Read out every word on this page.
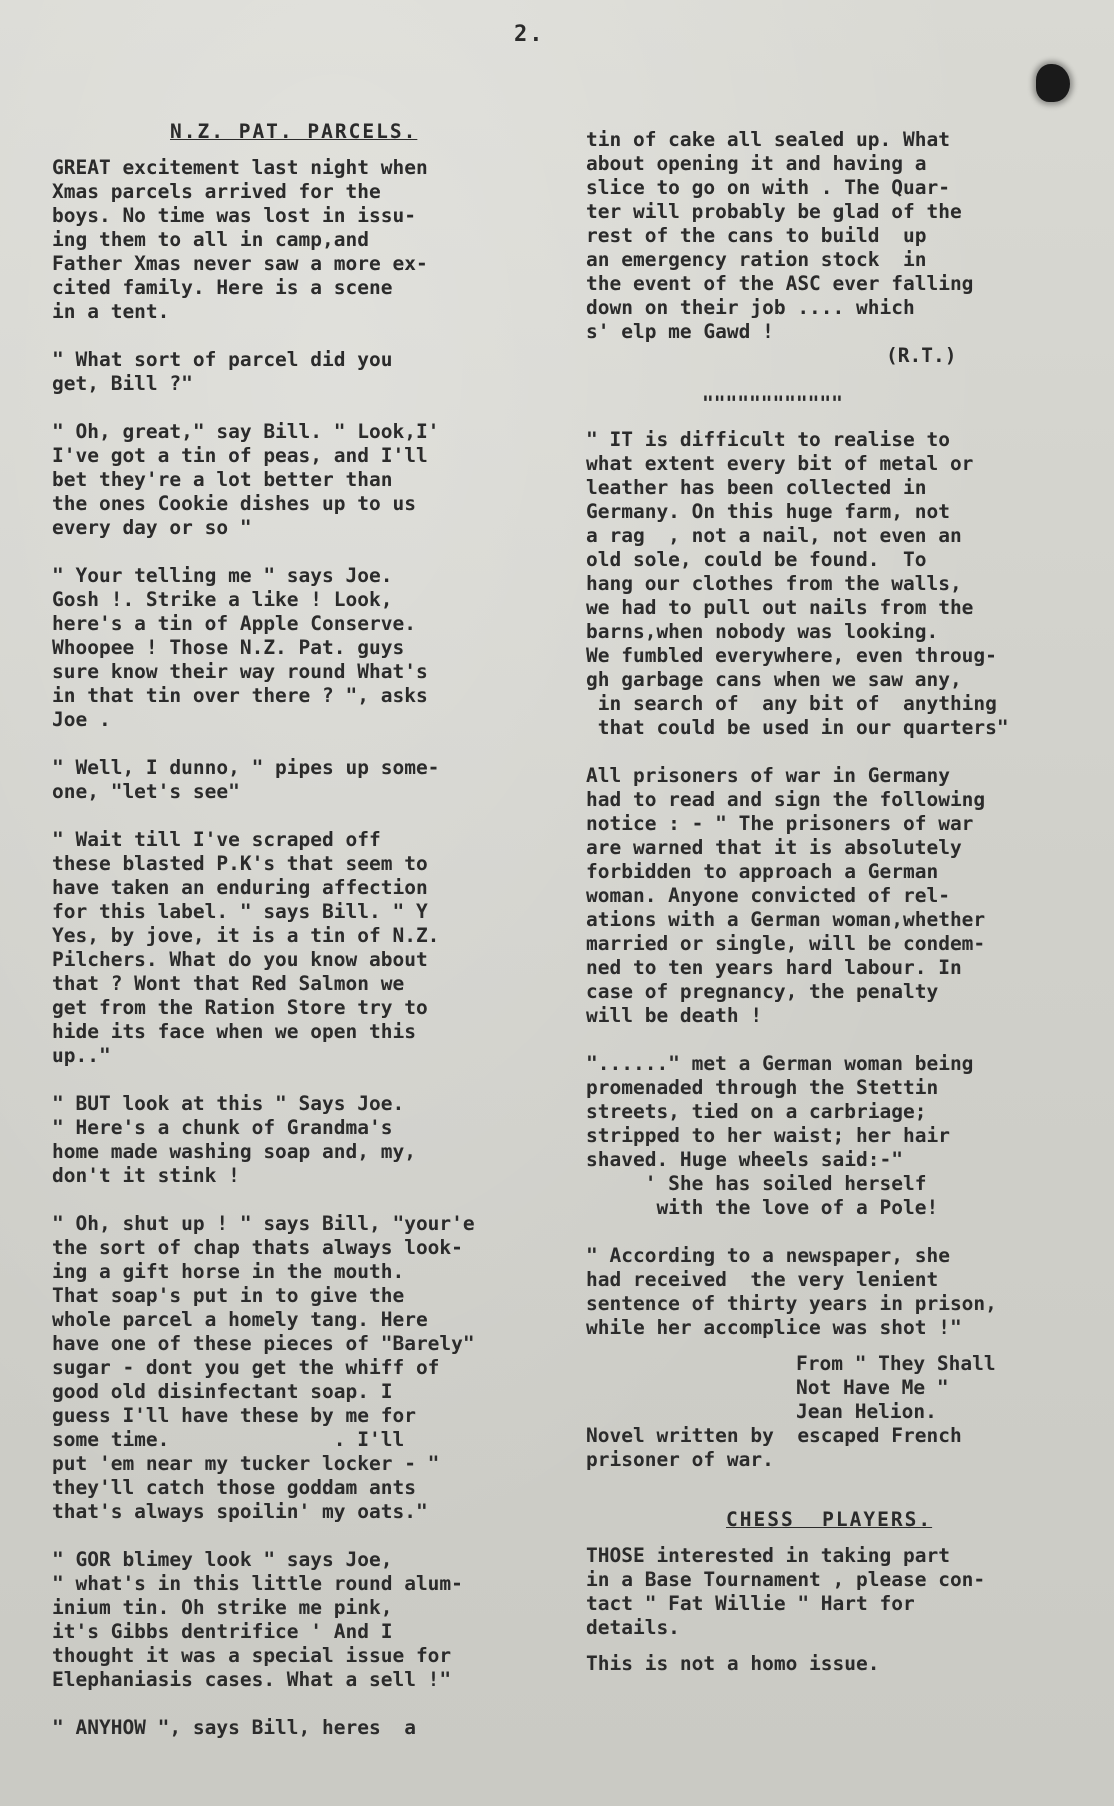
2.
N.Z. PAT. PARCELS.
GREAT excitement last night when
Xmas parcels arrived for the
boys. No time was lost in issu-
ing them to all in camp,and
Father Xmas never saw a more ex-
cited family. Here is a scene
in a tent.
" What sort of parcel did you
get, Bill ?"
" Oh, great," say Bill. " Look,I'
I've got a tin of peas, and I'll
bet they're a lot better than
the ones Cookie dishes up to us
every day or so "
" Your telling me " says Joe.
Gosh !. Strike a like ! Look,
here's a tin of Apple Conserve.
Whoopee ! Those N.Z. Pat. guys
sure know their way round What's
in that tin over there ? ", asks
Joe .
" Well, I dunno, " pipes up some-
one, "let's see"
" Wait till I've scraped off
these blasted P.K's that seem to
have taken an enduring affection
for this label. " says Bill. " Y
Yes, by jove, it is a tin of N.Z.
Pilchers. What do you know about
that ? Wont that Red Salmon we
get from the Ration Store try to
hide its face when we open this
up.."
" BUT look at this " Says Joe.
" Here's a chunk of Grandma's
home made washing soap and, my,
don't it stink !
" Oh, shut up ! " says Bill, "your'e
the sort of chap thats always look-
ing a gift horse in the mouth.
That soap's put in to give the
whole parcel a homely tang. Here
have one of these pieces of "Barely"
sugar - dont you get the whiff of
good old disinfectant soap. I
guess I'll have these by me for
some time.              . I'll
put 'em near my tucker locker - "
they'll catch those goddam ants
that's always spoilin' my oats."
" GOR blimey look " says Joe,
" what's in this little round alum-
inium tin. Oh strike me pink,
it's Gibbs dentrifice ' And I
thought it was a special issue for
Elephaniasis cases. What a sell !"
" ANYHOW ", says Bill, heres  a
tin of cake all sealed up. What
about opening it and having a
slice to go on with . The Quar-
ter will probably be glad of the
rest of the cans to build  up
an emergency ration stock  in
the event of the ASC ever falling
down on their job .... which
s' elp me Gawd !
(R.T.)
""""""""""""
" IT is difficult to realise to
what extent every bit of metal or
leather has been collected in
Germany. On this huge farm, not
a rag  , not a nail, not even an
old sole, could be found.  To
hang our clothes from the walls,
we had to pull out nails from the
barns,when nobody was looking.
We fumbled everywhere, even throug-
gh garbage cans when we saw any,
in search of  any bit of  anything
that could be used in our quarters"
All prisoners of war in Germany
had to read and sign the following
notice : - " The prisoners of war
are warned that it is absolutely
forbidden to approach a German
woman. Anyone convicted of rel-
ations with a German woman,whether
married or single, will be condem-
ned to ten years hard labour. In
case of pregnancy, the penalty
will be death !
"......" met a German woman being
promenaded through the Stettin
streets, tied on a carbriage;
stripped to her waist; her hair
shaved. Huge wheels said:-"
' She has soiled herself
with the love of a Pole!
" According to a newspaper, she
had received  the very lenient
sentence of thirty years in prison,
while her accomplice was shot !"
From " They Shall
Not Have Me "
Jean Helion.
Novel written by  escaped French
prisoner of war.
CHESS  PLAYERS.
THOSE interested in taking part
in a Base Tournament , please con-
tact " Fat Willie " Hart for
details.
This is not a homo issue.
